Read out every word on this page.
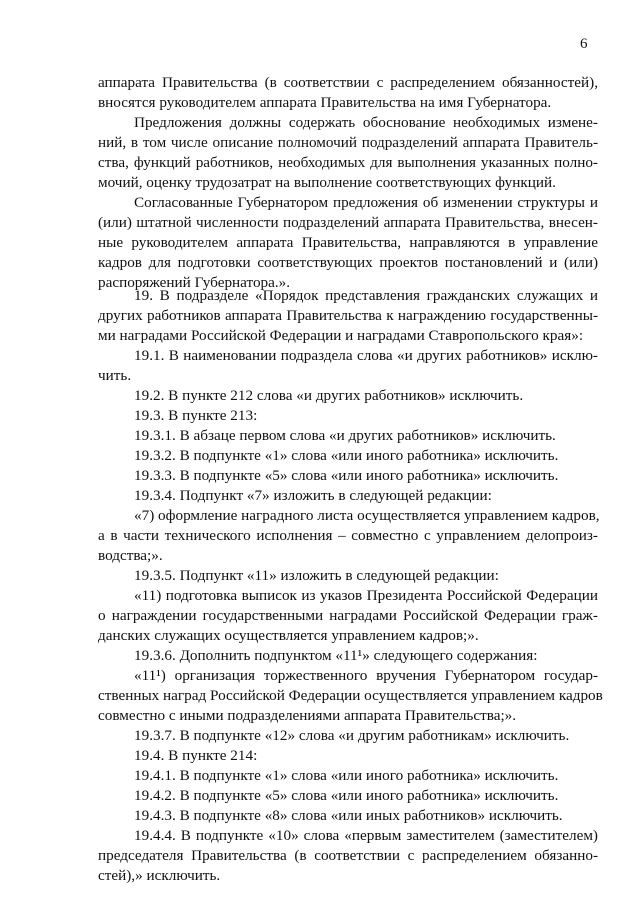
6
аппарата Правительства (в соответствии с распределением обязанностей),
вносятся руководителем аппарата Правительства на имя Губернатора.
Предложения должны содержать обоснование необходимых измене-
ний, в том числе описание полномочий подразделений аппарата Правитель-
ства, функций работников, необходимых для выполнения указанных полно-
мочий, оценку трудозатрат на выполнение соответствующих функций.
Согласованные Губернатором предложения об изменении структуры и
(или) штатной численности подразделений аппарата Правительства, внесен-
ные руководителем аппарата Правительства, направляются в управление
кадров для подготовки соответствующих проектов постановлений и (или)
распоряжений Губернатора.».
19. В подразделе «Порядок представления гражданских служащих и
других работников аппарата Правительства к награждению государственны-
ми наградами Российской Федерации и наградами Ставропольского края»:
19.1. В наименовании подраздела слова «и других работников» исклю-
чить.
19.2. В пункте 212 слова «и других работников» исключить.
19.3. В пункте 213:
19.3.1. В абзаце первом слова «и других работников» исключить.
19.3.2. В подпункте «1» слова «или иного работника» исключить.
19.3.3. В подпункте «5» слова «или иного работника» исключить.
19.3.4. Подпункт «7» изложить в следующей редакции:
«7) оформление наградного листа осуществляется управлением кадров,
а в части технического исполнения – совместно с управлением делопроиз-
водства;».
19.3.5. Подпункт «11» изложить в следующей редакции:
«11) подготовка выписок из указов Президента Российской Федерации
о награждении государственными наградами Российской Федерации граж-
данских служащих осуществляется управлением кадров;».
19.3.6. Дополнить подпунктом «11¹» следующего содержания:
«11¹) организация торжественного вручения Губернатором государ-
ственных наград Российской Федерации осуществляется управлением кадров
совместно с иными подразделениями аппарата Правительства;».
19.3.7. В подпункте «12» слова «и другим работникам» исключить.
19.4. В пункте 214:
19.4.1. В подпункте «1» слова «или иного работника» исключить.
19.4.2. В подпункте «5» слова «или иного работника» исключить.
19.4.3. В подпункте «8» слова «или иных работников» исключить.
19.4.4. В подпункте «10» слова «первым заместителем (заместителем)
председателя Правительства (в соответствии с распределением обязанно-
стей),» исключить.
